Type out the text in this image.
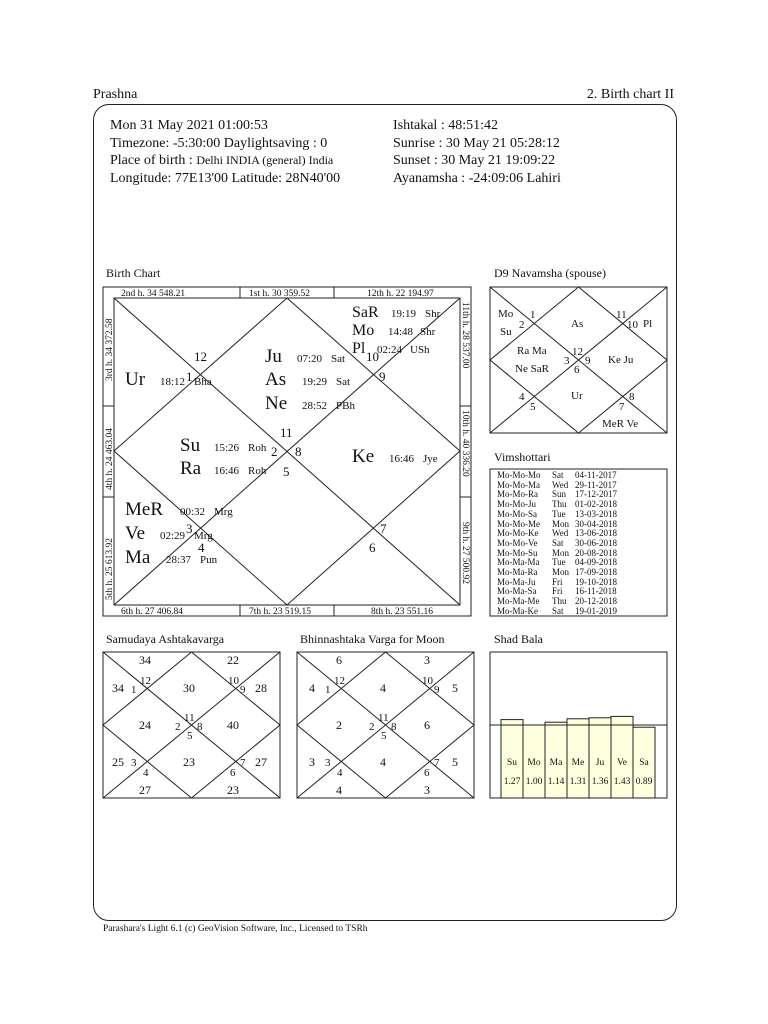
Prashna	2. Birth chart II
Mon 31 May 2021 01:00:53
Timezone: -5:30:00 Daylightsaving : 0
Place of birth : Delhi INDIA (general) India
Longitude: 77E13'00 Latitude: 28N40'00
Ishtakal : 48:51:42
Sunrise : 30 May 21 05:28:12
Sunset : 30 May 21 19:09:22
Ayanamsha : -24:09:06 Lahiri
Birth Chart	D9 Navamsha (spouse)
Vimshottari
Samudaya Ashtakavarga	Bhinnashtaka Varga for Moon	Shad Bala
2nd h. 34 548.21	1st h. 30 359.52	12th h. 22 194.97
6th h. 27 406.84	7th h. 23 519.15	8th h. 23 551.16
3rd h. 34 372.58
4th h. 24 463.04
5th h. 25 613.92
11th h. 28 537.00
10th h. 40 336.20
9th h. 27 500.92
12
1
10
9
11
2 8
5
3
4
7
6
SaR 19:19 Shr
Mo 14:48 Shr
Pl 02:24 USh
Ju 07:20 Sat
As 19:29 Sat
Ne 28:52 PBh
Ur 18:12 Bha
Su 15:26 Roh
Ra 16:46 Roh
Ke 16:46 Jye
MeR 00:32 Mrg
Ve 02:29 Mrg
Ma 28:37 Pun
1
2
11
10
12
3 9
6
4
5
8
7
Mo
Su
As	Pl
Ra Ma
Ne SaR
Ke Ju
Ur
MeR Ve
12
1
10
9
11
2 8
5
3
4
7
6
34	22
34	30	28
24	40
25	23	27
27	23
12
1
10
9
11
2 8
5
3
4
7
6
6	3
4	4	5
2	6
3	4	5
4	3
Su
1.27
Mo
1.00
Ma
1.14
Me
1.31
Ju
1.36
Ve
1.43
Sa
0.89
Mo-Mo-Mo Sat 04-11-2017
Mo-Mo-Ma Wed 29-11-2017
Mo-Mo-Ra Sun 17-12-2017
Mo-Mo-Ju Thu 01-02-2018
Mo-Mo-Sa Tue 13-03-2018
Mo-Mo-Me Mon 30-04-2018
Mo-Mo-Ke Wed 13-06-2018
Mo-Mo-Ve Sat 30-06-2018
Mo-Mo-Su Mon 20-08-2018
Mo-Ma-Ma Tue 04-09-2018
Mo-Ma-Ra Mon 17-09-2018
Mo-Ma-Ju Fri 19-10-2018
Mo-Ma-Sa Fri 16-11-2018
Mo-Ma-Me Thu 20-12-2018
Mo-Ma-Ke Sat 19-01-2019
Parashara's Light 6.1 (c) GeoVision Software, Inc., Licensed to TSRh
